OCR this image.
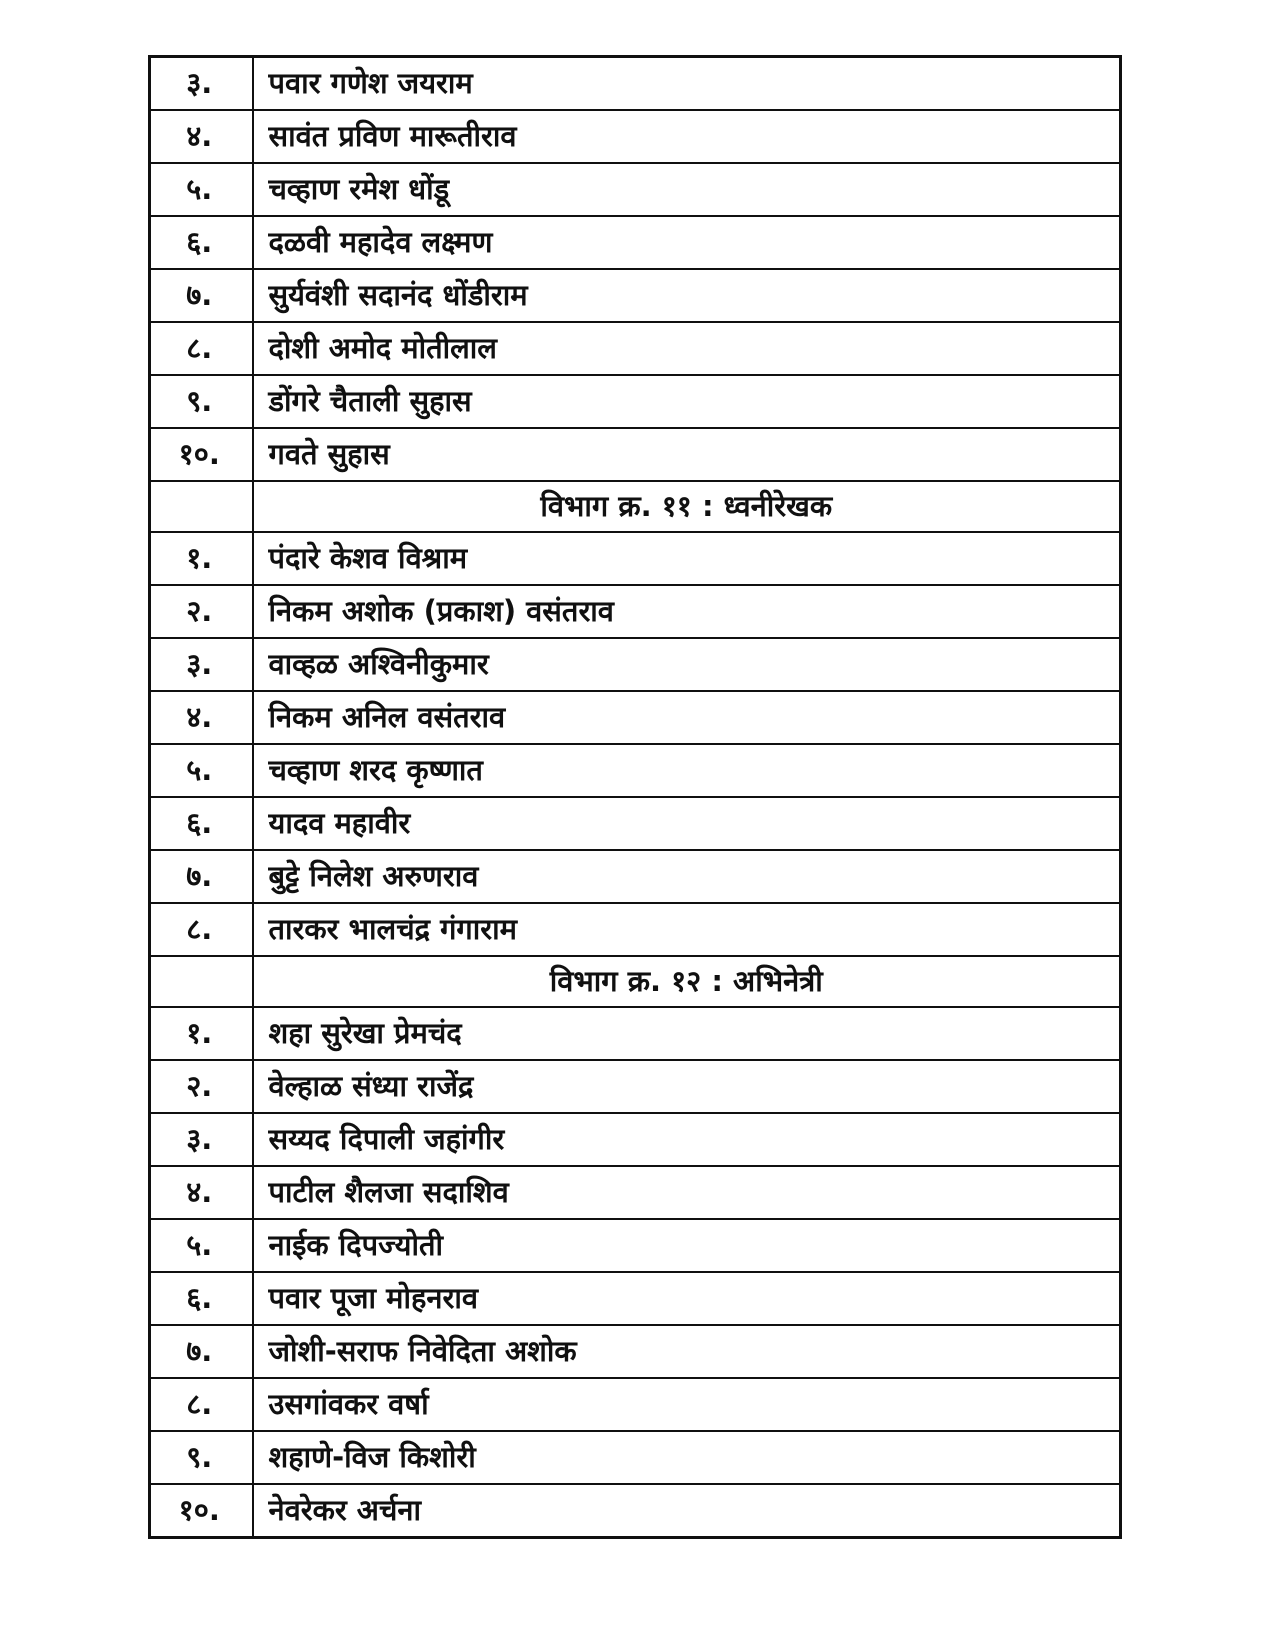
३.	पवार गणेश जयराम
४.	सावंत प्रविण मारूतीराव
५.	चव्हाण रमेश धोंडू
६.	दळवी महादेव लक्ष्मण
७.	सुर्यवंशी सदानंद धोंडीराम
८.	दोशी अमोद मोतीलाल
९.	डोंगरे चैताली सुहास
१०.	गवते सुहास
	विभाग क्र. ११ : ध्वनीरेखक
१.	पंदारे केशव विश्राम
२.	निकम अशोक (प्रकाश) वसंतराव
३.	वाव्हळ अश्विनीकुमार
४.	निकम अनिल वसंतराव
५.	चव्हाण शरद कृष्णात
६.	यादव महावीर
७.	बुट्टे निलेश अरुणराव
८.	तारकर भालचंद्र गंगाराम
	विभाग क्र. १२ : अभिनेत्री
१.	शहा सुरेखा प्रेमचंद
२.	वेल्हाळ संध्या राजेंद्र
३.	सय्यद दिपाली जहांगीर
४.	पाटील शैलजा सदाशिव
५.	नाईक दिपज्योती
६.	पवार पूजा मोहनराव
७.	जोशी-सराफ निवेदिता अशोक
८.	उसगांवकर वर्षा
९.	शहाणे-विज किशोरी
१०.	नेवरेकर अर्चना
